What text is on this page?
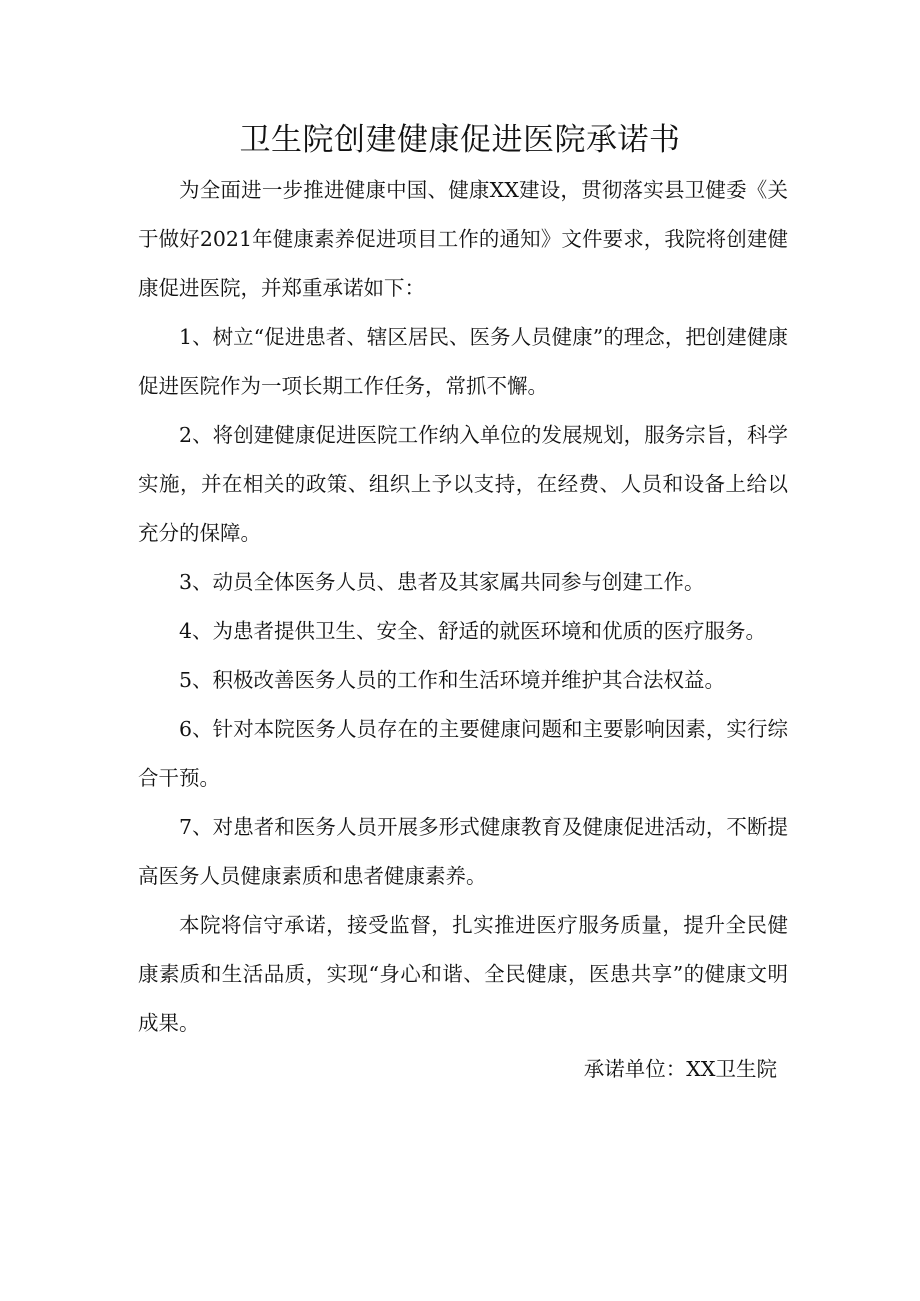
卫生院创建健康促进医院承诺书

为全面进一步推进健康中国、健康XX建设，贯彻落实县卫健委《关于做好2021年健康素养促进项目工作的通知》文件要求，我院将创建健康促进医院，并郑重承诺如下：

1、树立“促进患者、辖区居民、医务人员健康”的理念，把创建健康促进医院作为一项长期工作任务，常抓不懈。

2、将创建健康促进医院工作纳入单位的发展规划，服务宗旨，科学实施，并在相关的政策、组织上予以支持，在经费、人员和设备上给以充分的保障。

3、动员全体医务人员、患者及其家属共同参与创建工作。

4、为患者提供卫生、安全、舒适的就医环境和优质的医疗服务。

5、积极改善医务人员的工作和生活环境并维护其合法权益。

6、针对本院医务人员存在的主要健康问题和主要影响因素，实行综合干预。

7、对患者和医务人员开展多形式健康教育及健康促进活动，不断提高医务人员健康素质和患者健康素养。

本院将信守承诺，接受监督，扎实推进医疗服务质量，提升全民健康素质和生活品质，实现“身心和谐、全民健康，医患共享”的健康文明成果。

承诺单位：XX卫生院
